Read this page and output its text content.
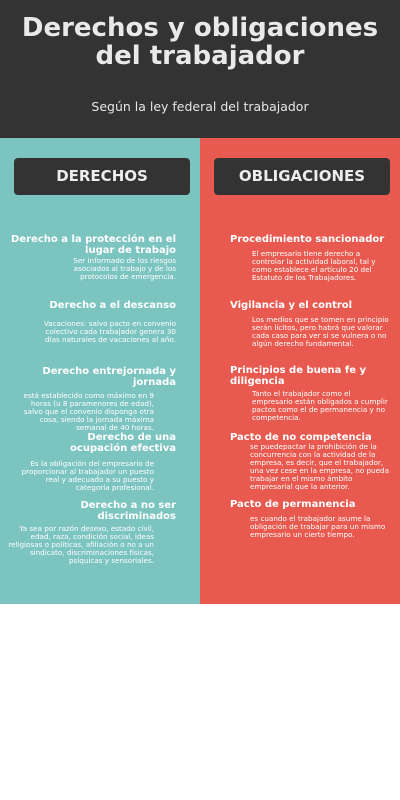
Derechos y obligaciones del trabajador
Según la ley federal del trabajador
DERECHOS
Derecho a la protección en el lugar de trabajo
Ser informado de los riesgos asociados al trabajo y de los protocolos de emergencia.
Derecho a el descanso
Vacaciones: salvo pacto en convenio colectivo cada trabajador genera 30 días naturales de vacaciones al año.
Derecho entrejornada y jornada
está establecido como máximo en 9 horas (u 8 paramenores de edad), salvo que el convenio disponga otra cosa, siendo la jornada máxima semanal de 40 horas.
Derecho de una ocupación efectiva
Es la obligación del empresario de proporcionar al trabajador un puesto real y adecuado a su puesto y categoría profesional.
Derecho a no ser discriminados
Ya sea por razón desexo, estado civil, edad, raza, condición social, ideas religiosas o políticas, afiliación o no a un sindicato, discriminaciones físicas, psíquicas y sensoriales.
OBLIGACIONES
Procedimiento sancionador
El empresario tiene derecho a controlar la actividad laboral, tal y como establece el artículo 20 del Estatuto de los Trabajadores.
Vigilancia y el control
Los medios que se tomen en principio serán lícitos, pero habrá que valorar cada caso para ver si se vulnera o no algún derecho fundamental.
Principios de buena fe y diligencia
Tanto el trabajador como el empresario están obligados a cumplir pactos como el de permanencia y no competencia.
Pacto de no competencia
se puedepactar la prohibición de la concurrencia con la actividad de la empresa, es decir, que el trabajador, una vez cese en la empresa, no pueda trabajar en el mismo ámbito empresarial que la anterior.
Pacto de permanencia
es cuando el trabajador asume la obligación de trabajar para un mismo empresario un cierto tiempo.
